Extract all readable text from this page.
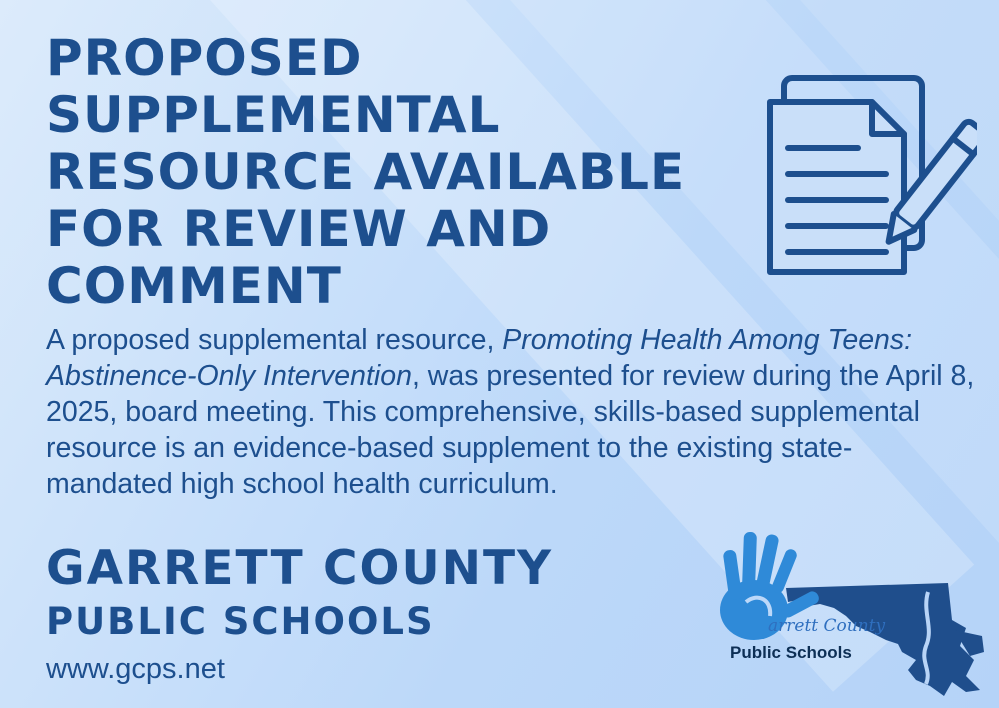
PROPOSED
SUPPLEMENTAL
RESOURCE AVAILABLE
FOR REVIEW AND
COMMENT

A proposed supplemental resource, Promoting Health Among Teens: Abstinence-Only Intervention, was presented for review during the April 8, 2025, board meeting. This comprehensive, skills-based supplemental resource is an evidence-based supplement to the existing state-mandated high school health curriculum.

GARRETT COUNTY
PUBLIC SCHOOLS
www.gcps.net
arrett County
Public Schools
